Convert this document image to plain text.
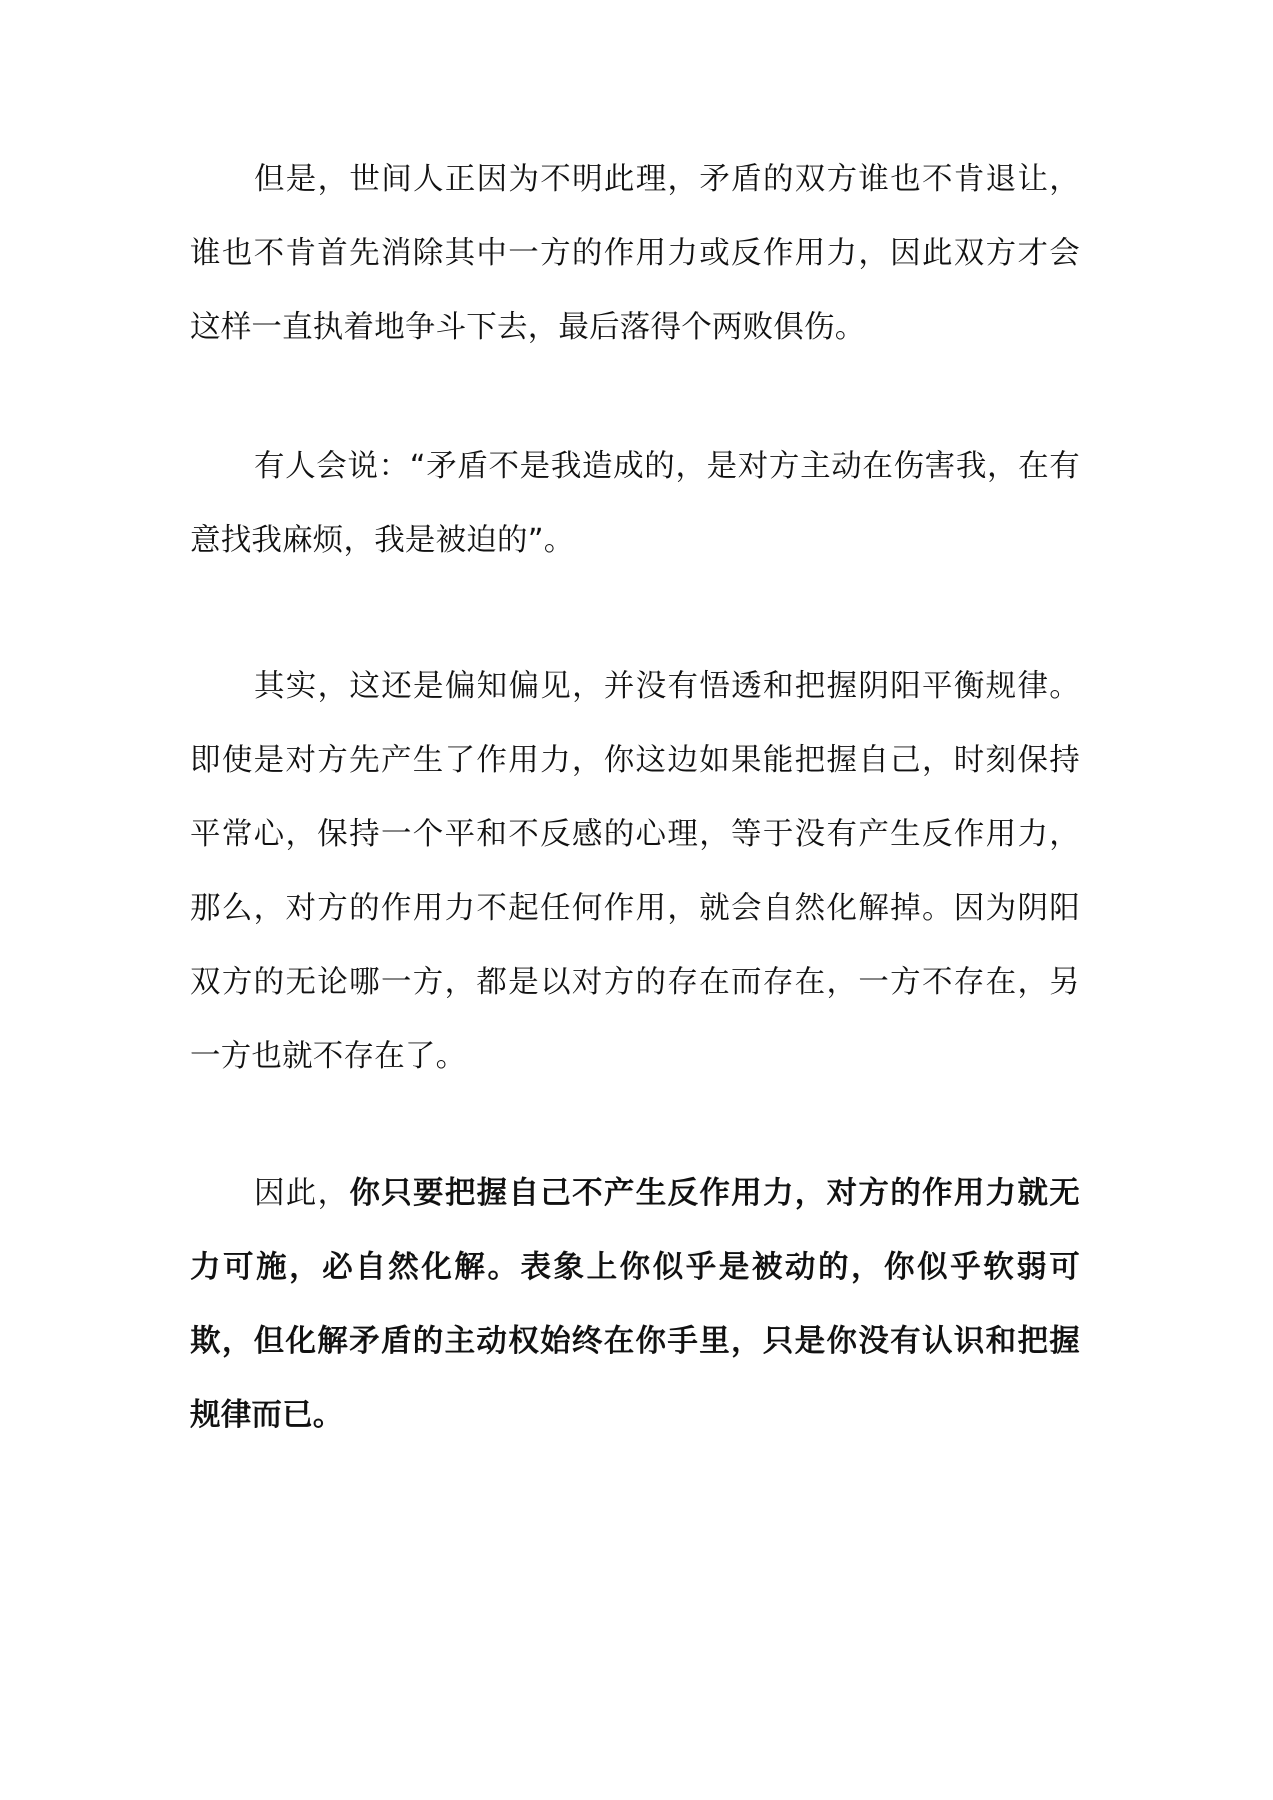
但是，世间人正因为不明此理，矛盾的双方谁也不肯退让，谁也不肯首先消除其中一方的作用力或反作用力，因此双方才会这样一直执着地争斗下去，最后落得个两败俱伤。

有人会说：“矛盾不是我造成的，是对方主动在伤害我，在有意找我麻烦，我是被迫的”。

其实，这还是偏知偏见，并没有悟透和把握阴阳平衡规律。即使是对方先产生了作用力，你这边如果能把握自己，时刻保持平常心，保持一个平和不反感的心理，等于没有产生反作用力，那么，对方的作用力不起任何作用，就会自然化解掉。因为阴阳双方的无论哪一方，都是以对方的存在而存在，一方不存在，另一方也就不存在了。

因此，你只要把握自己不产生反作用力，对方的作用力就无力可施，必自然化解。表象上你似乎是被动的，你似乎软弱可欺，但化解矛盾的主动权始终在你手里，只是你没有认识和把握规律而已。
